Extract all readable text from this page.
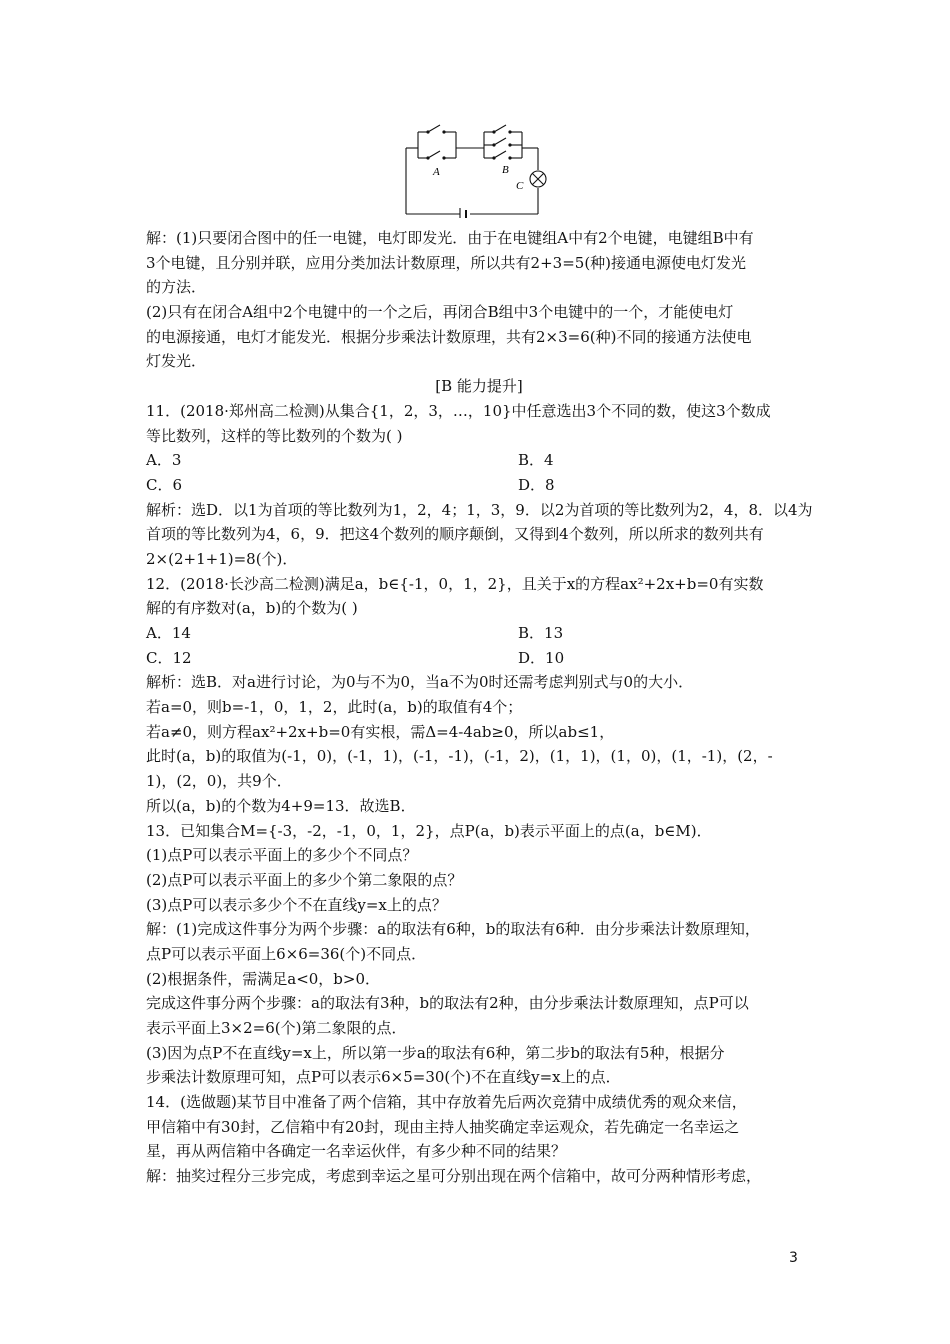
A	B
C
解：(1)只要闭合图中的任一电键，电灯即发光．由于在电键组A中有2个电键，电键组B中有
3个电键，且分别并联，应用分类加法计数原理，所以共有2+3=5(种)接通电源使电灯发光
的方法．
(2)只有在闭合A组中2个电键中的一个之后，再闭合B组中3个电键中的一个，才能使电灯
的电源接通，电灯才能发光．根据分步乘法计数原理，共有2×3=6(种)不同的接通方法使电
灯发光．
[B 能力提升]
11．(2018·郑州高二检测)从集合{1，2，3，…，10}中任意选出3个不同的数，使这3个数成
等比数列，这样的等比数列的个数为( )
A．3	B．4
C．6	D．8
解析：选D．以1为首项的等比数列为1，2，4；1，3，9．以2为首项的等比数列为2，4，8．以4为
首项的等比数列为4，6，9．把这4个数列的顺序颠倒，又得到4个数列，所以所求的数列共有
2×(2+1+1)=8(个)．
12．(2018·长沙高二检测)满足a，b∈{-1，0，1，2}，且关于x的方程ax²+2x+b=0有实数
解的有序数对(a，b)的个数为( )
A．14	B．13
C．12	D．10
解析：选B．对a进行讨论，为0与不为0，当a不为0时还需考虑判别式与0的大小．
若a=0，则b=-1，0，1，2，此时(a，b)的取值有4个；
若a≠0，则方程ax²+2x+b=0有实根，需Δ=4-4ab≥0，所以ab≤1，
此时(a，b)的取值为(-1，0)，(-1，1)，(-1，-1)，(-1，2)，(1，1)，(1，0)，(1，-1)，(2，-
1)，(2，0)，共9个．
所以(a，b)的个数为4+9=13．故选B．
13．已知集合M={-3，-2，-1，0，1，2}，点P(a，b)表示平面上的点(a，b∈M)．
(1)点P可以表示平面上的多少个不同点？
(2)点P可以表示平面上的多少个第二象限的点？
(3)点P可以表示多少个不在直线y=x上的点？
解：(1)完成这件事分为两个步骤：a的取法有6种，b的取法有6种．由分步乘法计数原理知，
点P可以表示平面上6×6=36(个)不同点．
(2)根据条件，需满足a<0，b>0．
完成这件事分两个步骤：a的取法有3种，b的取法有2种，由分步乘法计数原理知，点P可以
表示平面上3×2=6(个)第二象限的点．
(3)因为点P不在直线y=x上，所以第一步a的取法有6种，第二步b的取法有5种，根据分
步乘法计数原理可知，点P可以表示6×5=30(个)不在直线y=x上的点．
14．(选做题)某节目中准备了两个信箱，其中存放着先后两次竞猜中成绩优秀的观众来信，
甲信箱中有30封，乙信箱中有20封，现由主持人抽奖确定幸运观众，若先确定一名幸运之
星，再从两信箱中各确定一名幸运伙伴，有多少种不同的结果？
解：抽奖过程分三步完成，考虑到幸运之星可分别出现在两个信箱中，故可分两种情形考虑，
3
